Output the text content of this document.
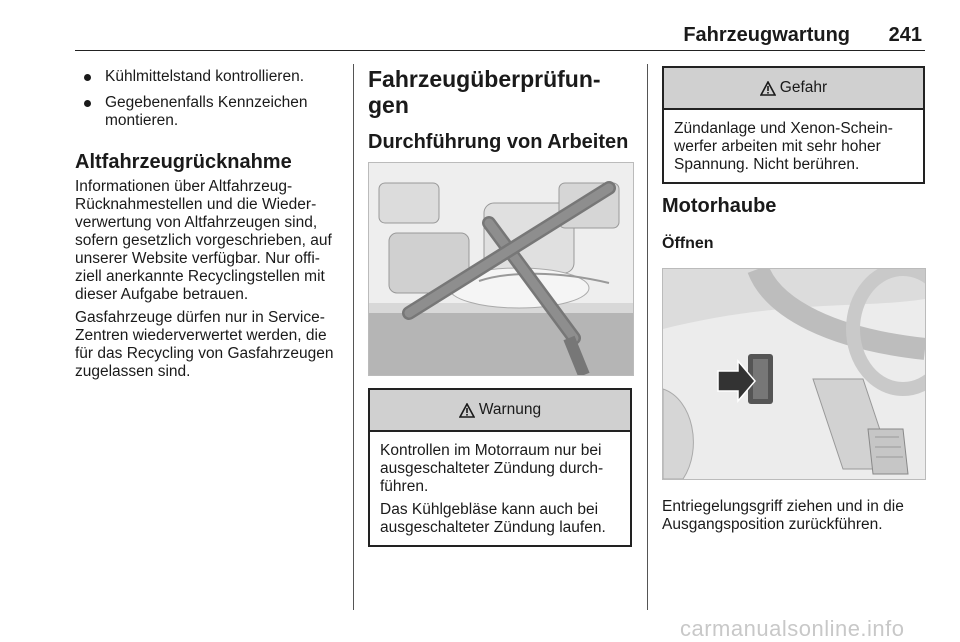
Fahrzeugwartung	241
Kühlmittelstand kontrollieren.
Gegebenenfalls Kennzeichen montieren.
Altfahrzeugrücknahme

Informationen über Altfahrzeug-
Rücknahmestellen und die Wieder-
verwertung von Altfahrzeugen sind,
sofern gesetzlich vorgeschrieben, auf
unserer Website verfügbar. Nur offi-
ziell anerkannte Recyclingstellen mit
dieser Aufgabe betrauen.

Gasfahrzeuge dürfen nur in Service-
Zentren wiederverwertet werden, die
für das Recycling von Gasfahrzeugen
zugelassen sind.

Fahrzeugüberprüfun-
gen
Durchführung von Arbeiten
Warnung

Kontrollen im Motorraum nur bei
ausgeschalteter Zündung durch-
führen.

Das Kühlgebläse kann auch bei
ausgeschalteter Zündung laufen.

Gefahr

Zündanlage und Xenon-Schein-
werfer arbeiten mit sehr hoher
Spannung. Nicht berühren.

Motorhaube
Öffnen

Entriegelungsgriff ziehen und in die
Ausgangsposition zurückführen.

carmanualsonline.info
